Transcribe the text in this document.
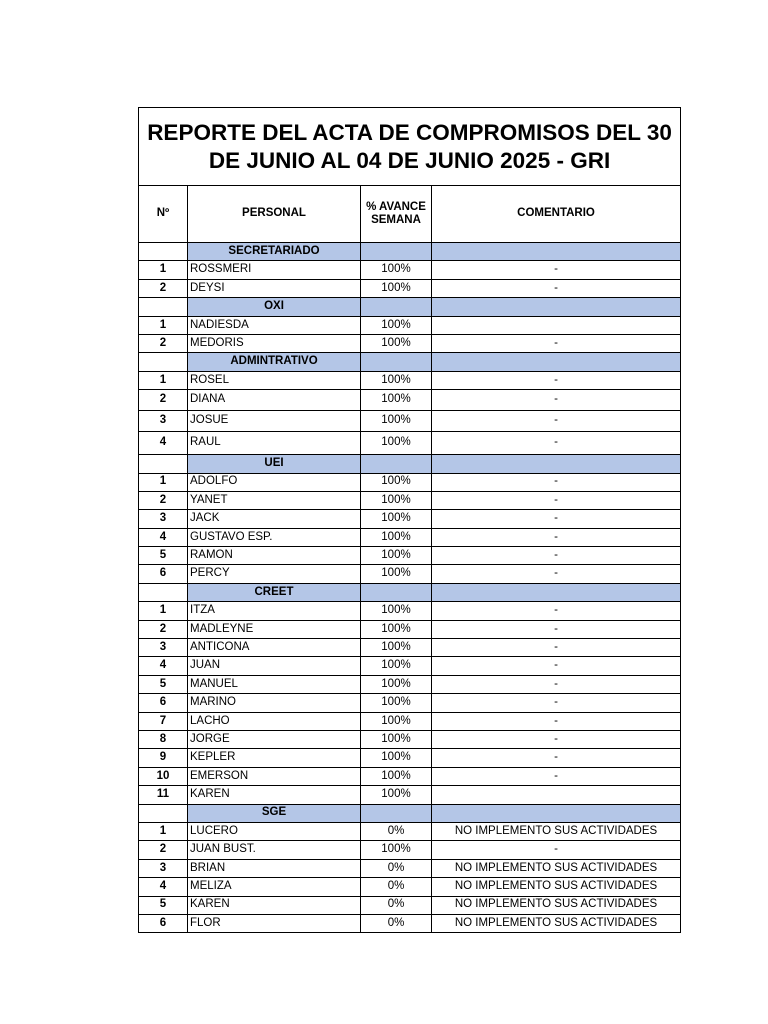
REPORTE DEL ACTA DE COMPROMISOS DEL 30 DE JUNIO AL 04 DE JUNIO 2025 - GRI			
Nº	PERSONAL	% AVANCE SEMANA	COMENTARIO
	SECRETARIADO		
1	ROSSMERI	100%	-
2	DEYSI	100%	-
	OXI		
1	NADIESDA	100%	
2	MEDORIS	100%	-
	ADMINTRATIVO		
1	ROSEL	100%	-
2	DIANA	100%	-
3	JOSUE	100%	-
4	RAUL	100%	-
	UEI		
1	ADOLFO	100%	-
2	YANET	100%	-
3	JACK	100%	-
4	GUSTAVO ESP.	100%	-
5	RAMON	100%	-
6	PERCY	100%	-
	CREET		
1	ITZA	100%	-
2	MADLEYNE	100%	-
3	ANTICONA	100%	-
4	JUAN	100%	-
5	MANUEL	100%	-
6	MARINO	100%	-
7	LACHO	100%	-
8	JORGE	100%	-
9	KEPLER	100%	-
10	EMERSON	100%	-
11	KAREN	100%	
	SGE		
1	LUCERO	0%	NO IMPLEMENTO SUS ACTIVIDADES
2	JUAN BUST.	100%	-
3	BRIAN	0%	NO IMPLEMENTO SUS ACTIVIDADES
4	MELIZA	0%	NO IMPLEMENTO SUS ACTIVIDADES
5	KAREN	0%	NO IMPLEMENTO SUS ACTIVIDADES
6	FLOR	0%	NO IMPLEMENTO SUS ACTIVIDADES
